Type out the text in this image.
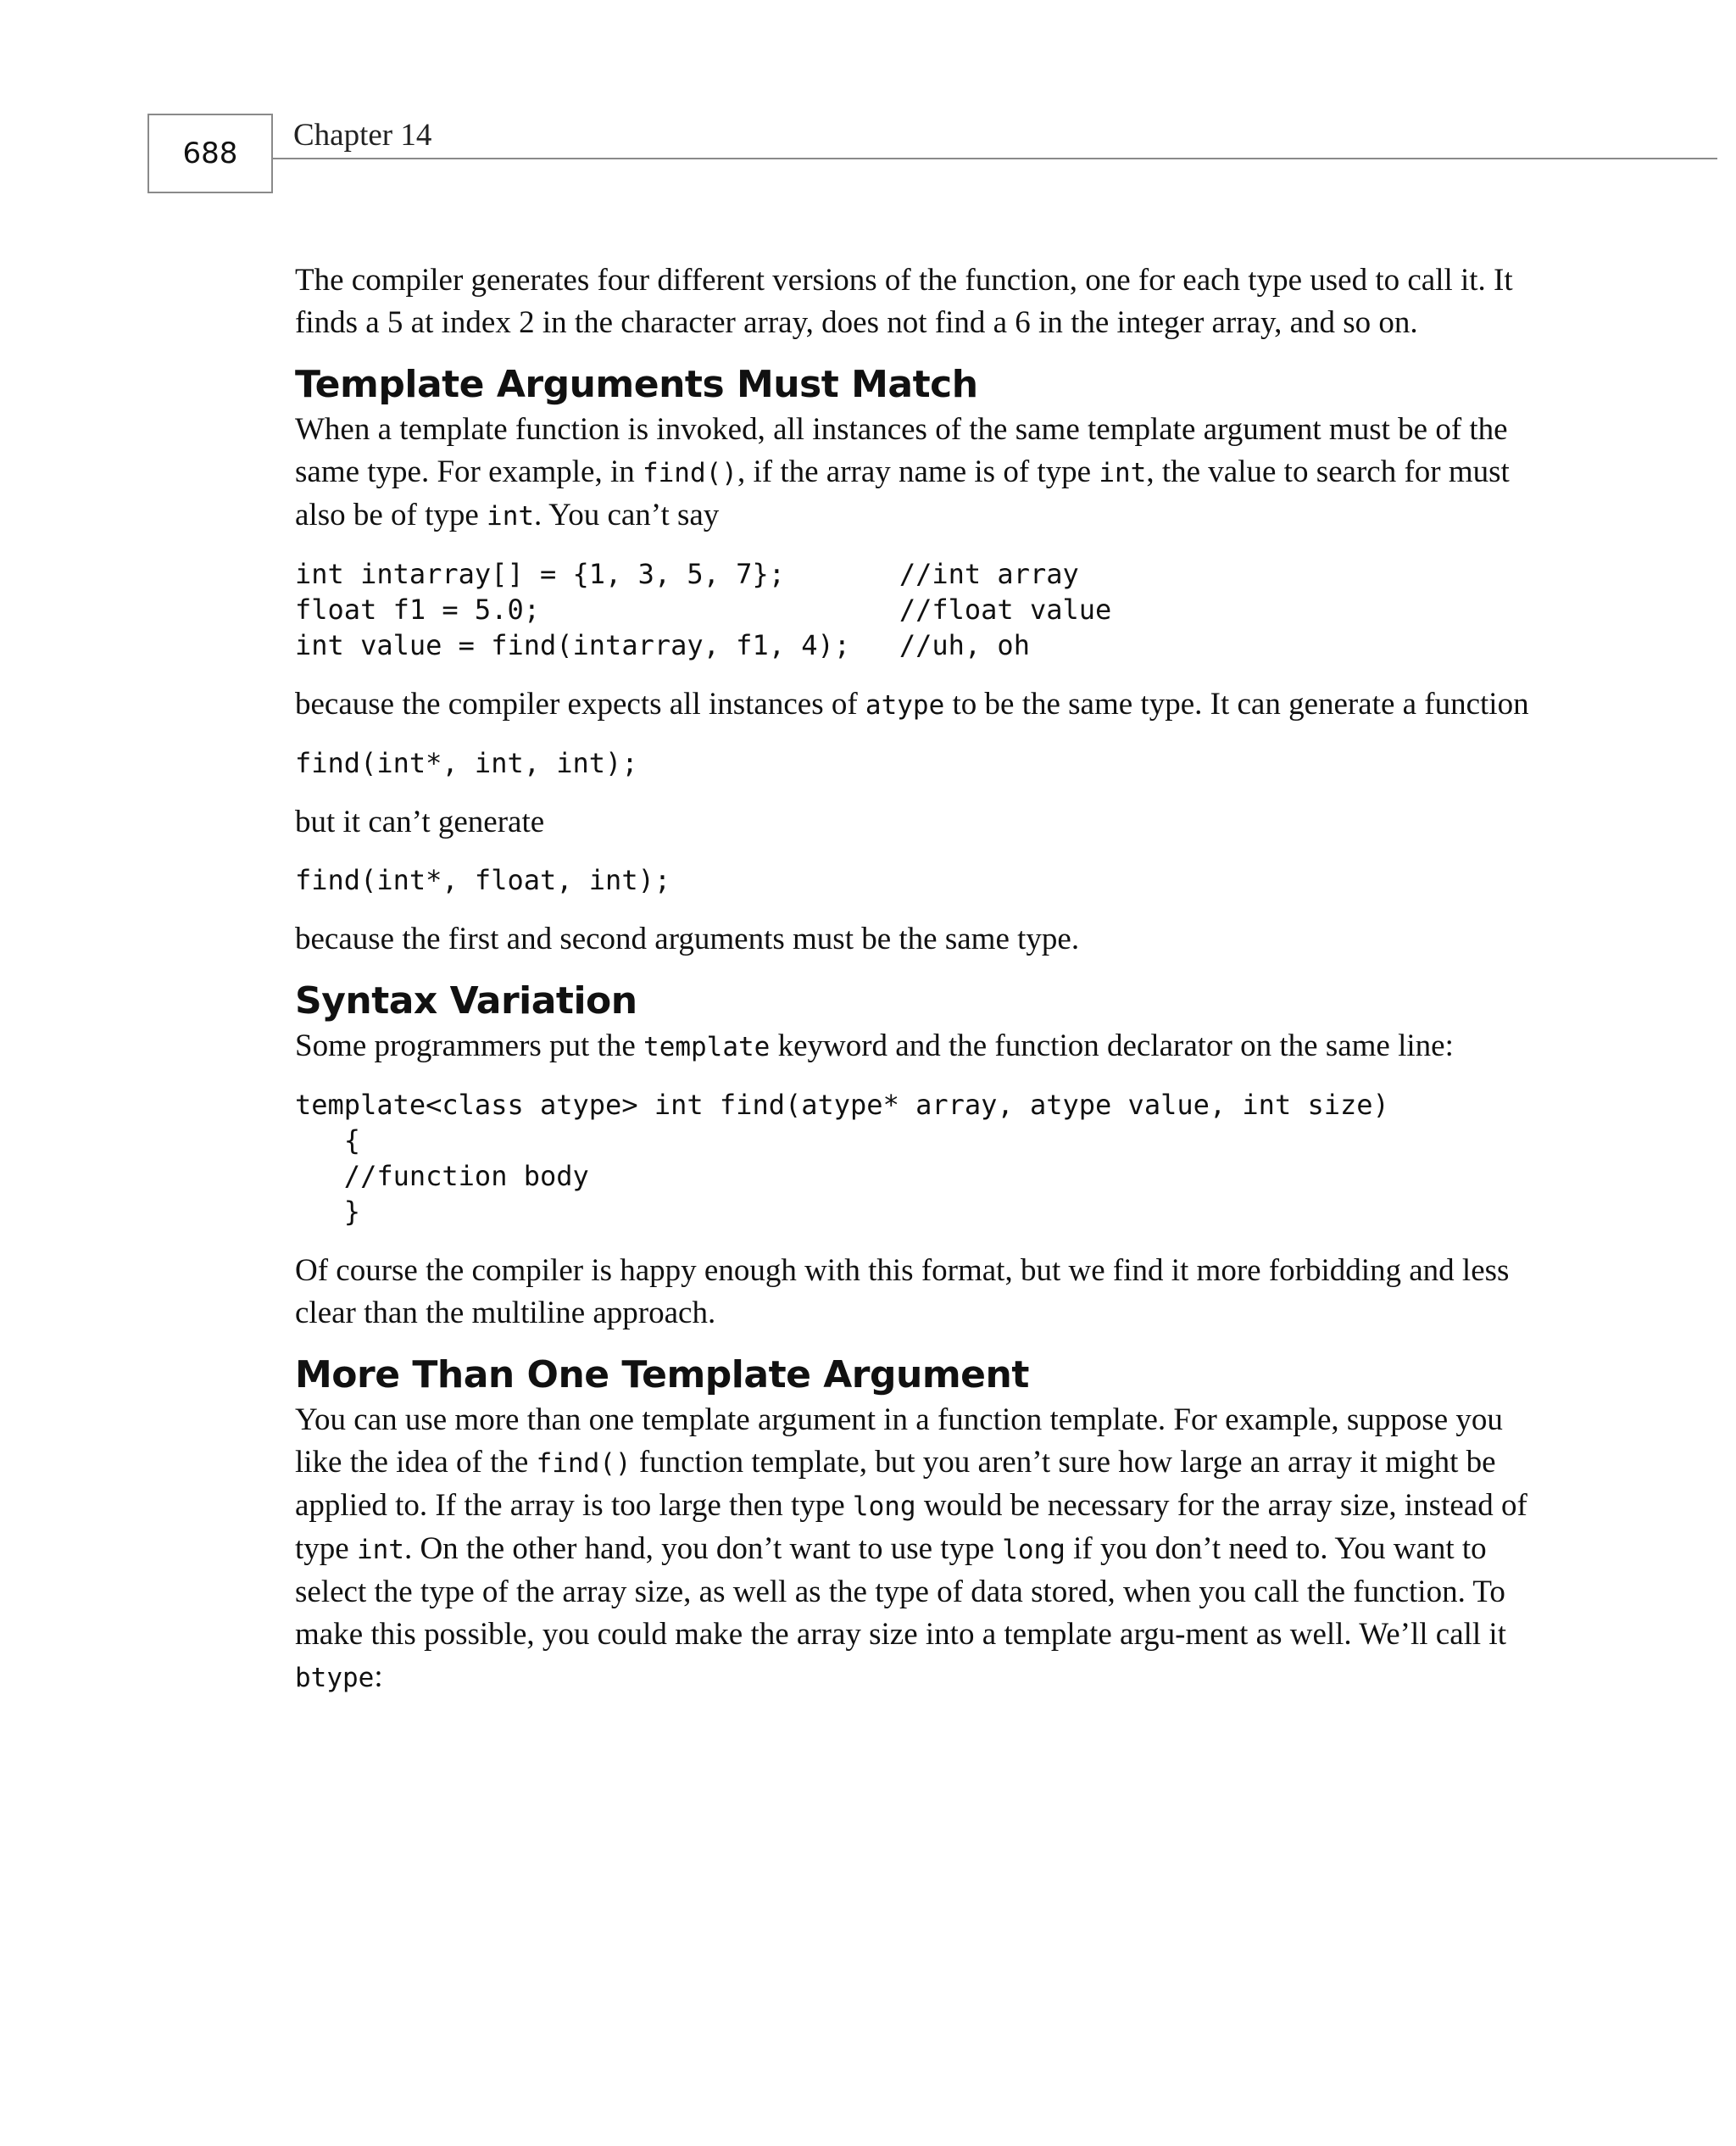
688
Chapter 14

The compiler generates four different versions of the function, one for each type used to call it. It finds a 5 at index 2 in the character array, does not find a 6 in the integer array, and so on.

Template Arguments Must Match

When a template function is invoked, all instances of the same template argument must be of the same type. For example, in find(), if the array name is of type int, the value to search for must also be of type int. You can’t say

int intarray[] = {1, 3, 5, 7};       //int array
float f1 = 5.0;                      //float value
int value = find(intarray, f1, 4);   //uh, oh

because the compiler expects all instances of atype to be the same type. It can generate a function

find(int*, int, int);

but it can’t generate

find(int*, float, int);

because the first and second arguments must be the same type.

Syntax Variation

Some programmers put the template keyword and the function declarator on the same line:

template<class atype> int find(atype* array, atype value, int size)
{
//function body
}

Of course the compiler is happy enough with this format, but we find it more forbidding and less clear than the multiline approach.

More Than One Template Argument

You can use more than one template argument in a function template. For example, suppose you like the idea of the find() function template, but you aren’t sure how large an array it might be applied to. If the array is too large then type long would be necessary for the array size, instead of type int. On the other hand, you don’t want to use type long if you don’t need to. You want to select the type of the array size, as well as the type of data stored, when you call the function. To make this possible, you could make the array size into a template argu-ment as well. We’ll call it btype:
